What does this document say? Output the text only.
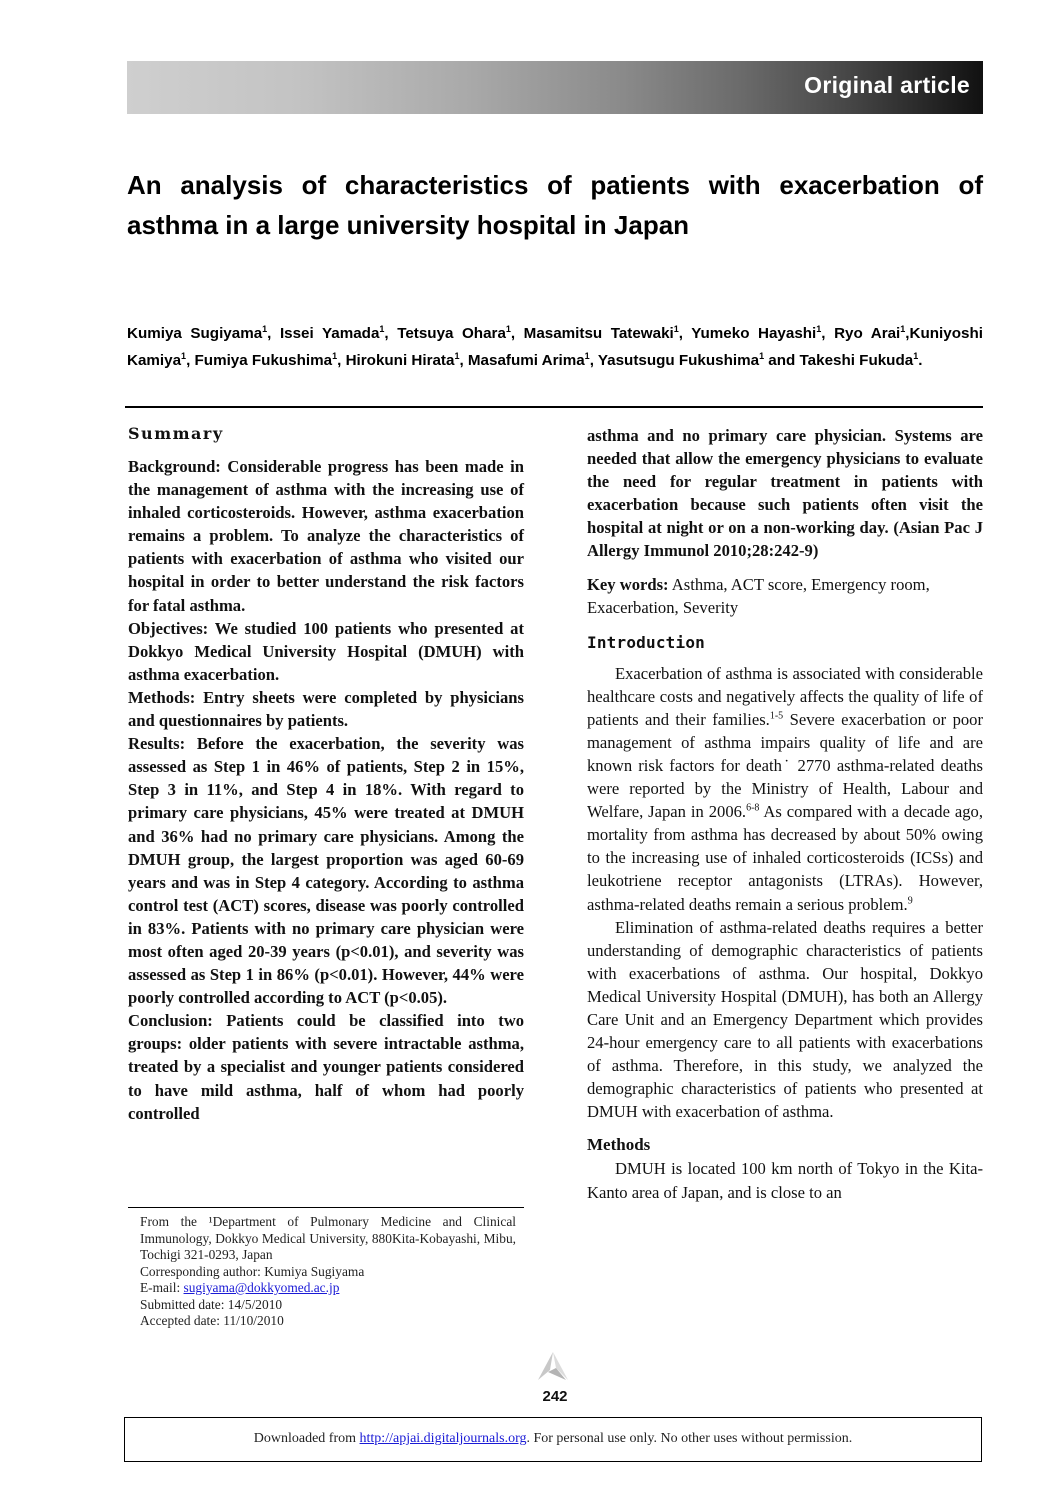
Original article
An analysis of characteristics of patients with exacerbation of asthma in a large university hospital in Japan
Kumiya Sugiyama$^1$, Issei Yamada$^1$, Tetsuya Ohara$^1$, Masamitsu Tatewaki$^1$, Yumeko Hayashi$^1$, Ryo Arai$^1$,Kuniyoshi Kamiya$^1$, Fumiya Fukushima$^1$, Hirokuni Hirata$^1$, Masafumi Arima$^1$, Yasutsugu Fukushima$^1$ and Takeshi Fukuda$^1$.
Summary

Background: Considerable progress has been made in the management of asthma with the increasing use of inhaled corticosteroids. However, asthma exacerbation remains a problem. To analyze the characteristics of patients with exacerbation of asthma who visited our hospital in order to better understand the risk factors for fatal asthma.

Objectives: We studied 100 patients who presented at Dokkyo Medical University Hospital (DMUH) with asthma exacerbation.

Methods: Entry sheets were completed by physicians and questionnaires by patients.

Results: Before the exacerbation, the severity was assessed as Step 1 in 46% of patients, Step 2 in 15%, Step 3 in 11%, and Step 4 in 18%. With regard to primary care physicians, 45% were treated at DMUH and 36% had no primary care physicians. Among the DMUH group, the largest proportion was aged 60-69 years and was in Step 4 category. According to asthma control test (ACT) scores, disease was poorly controlled in 83%. Patients with no primary care physician were most often aged 20-39 years (p<0.01), and severity was assessed as Step 1 in 86% (p<0.01). However, 44% were poorly controlled according to ACT (p<0.05).

Conclusion: Patients could be classified into two groups: older patients with severe intractable asthma, treated by a specialist and younger patients considered to have mild asthma, half of whom had poorly controlled

From the ¹Department of Pulmonary Medicine and Clinical Immunology, Dokkyo Medical University, 880Kita-Kobayashi, Mibu, Tochigi 321-0293, Japan
Corresponding author: Kumiya Sugiyama
E-mail: sugiyama@dokkyomed.ac.jp
Submitted date: 14/5/2010
Accepted date: 11/10/2010

asthma and no primary care physician. Systems are needed that allow the emergency physicians to evaluate the need for regular treatment in patients with exacerbation because such patients often visit the hospital at night or on a non-working day. (Asian Pac J Allergy Immunol 2010;28:242-9)

Key words: Asthma, ACT score, Emergency room, Exacerbation, Severity
Introduction

Exacerbation of asthma is associated with considerable healthcare costs and negatively affects the quality of life of patients and their families.$^{1-5}$ Severe exacerbation or poor management of asthma impairs quality of life and are known risk factors for death˙ 2770 asthma-related deaths were reported by the Ministry of Health, Labour and Welfare, Japan in 2006.$^{6-8}$ As compared with a decade ago, mortality from asthma has decreased by about 50% owing to the increasing use of inhaled corticosteroids (ICSs) and leukotriene receptor antagonists (LTRAs). However, asthma-related deaths remain a serious problem.$^9$

Elimination of asthma-related deaths requires a better understanding of demographic characteristics of patients with exacerbations of asthma. Our hospital, Dokkyo Medical University Hospital (DMUH), has both an Allergy Care Unit and an Emergency Department which provides 24-hour emergency care to all patients with exacerbations of asthma. Therefore, in this study, we analyzed the demographic characteristics of patients who presented at DMUH with exacerbation of asthma.

Methods

DMUH is located 100 km north of Tokyo in the Kita-Kanto area of Japan, and is close to an

242
Downloaded from http://apjai.digitaljournals.org. For personal use only. No other uses without permission.
